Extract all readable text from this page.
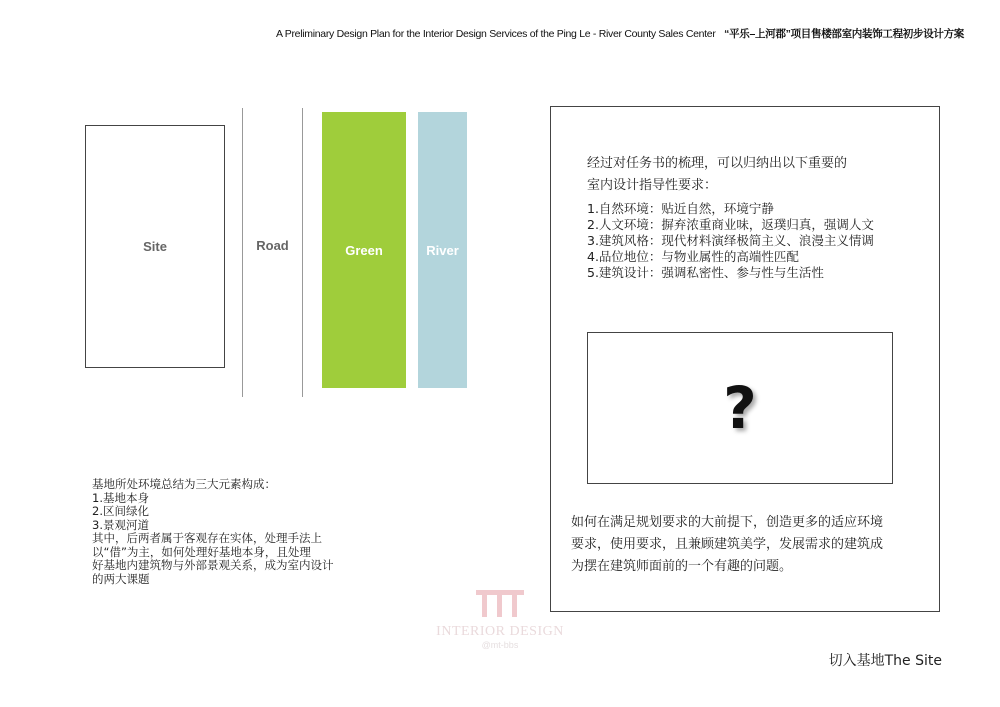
A Preliminary Design Plan for the Interior Design Services of the Ping Le - River County Sales Center “平乐–上河郡”项目售楼部室内装饰工程初步设计方案
Site	Road	Green	River
基地所处环境总结为三大元素构成：
1.基地本身
2.区间绿化
3.景观河道
其中，后两者属于客观存在实体，处理手法上
以“借”为主，如何处理好基地本身，且处理
好基地内建筑物与外部景观关系，成为室内设计
的两大课题
经过对任务书的梳理，可以归纳出以下重要的
室内设计指导性要求：
1.自然环境：贴近自然，环境宁静
2.人文环境：摒弃浓重商业味，返璞归真，强调人文
3.建筑风格：现代材料演绎极简主义、浪漫主义情调
4.品位地位：与物业属性的高端性匹配
5.建筑设计：强调私密性、参与性与生活性
?
如何在满足规划要求的大前提下，创造更多的适应环境
要求，使用要求，且兼顾建筑美学，发展需求的建筑成
为摆在建筑师面前的一个有趣的问题。
INTERIOR DESIGN
@mt-bbs
切入基地The Site
